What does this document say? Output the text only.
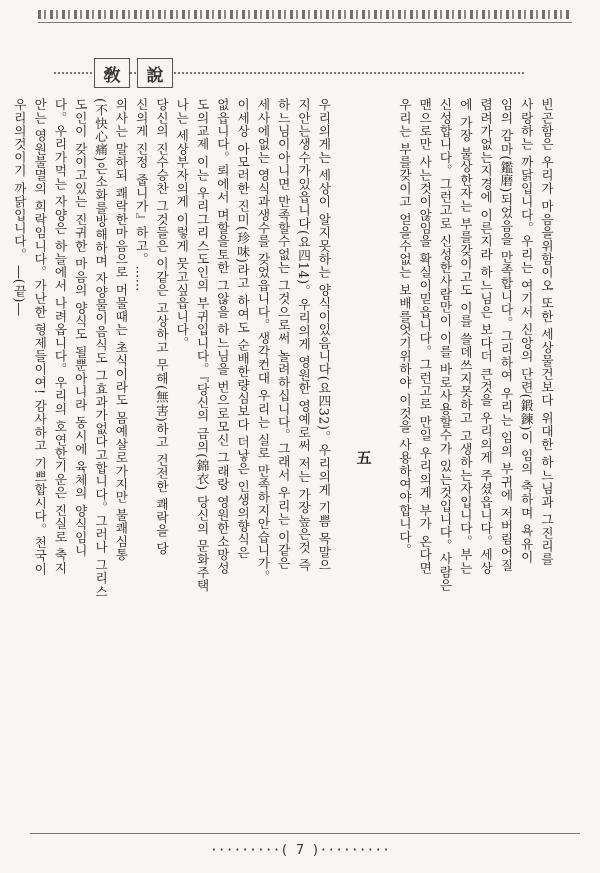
敎	說
빈곤함은 우리가 마음을위함이오 또한 세상물건보다 위대한 하느님과 그진리를
사랑하는 까닭입니다。우리는 여기서 신앙의 단련(鍛鍊)이 임의 축하며 욕유이
임의 감마(鑑磨)되었음을 만족합니다。그리하여 우리는 임의 부귀에 저버림어질
렴려가없는지경에 이른지라 하느님은 보다더 큰것을 우리의게 주셨읍니다。세상
에 가장 불상한자는 부를갖이고도 이를 쓸데쓰지못하고 고생하는자입니다。부는
신성합니다。그런고로 신성한사람만이 이를 바로사용할수가 있는것입니다。사람은
맨으로만 사는것이않임을 확실이믿읍니다。그런고로 만일 우리의게 부가 온다면
우리는 부를갖이고 얻을수없는 보배를엇기위하야 이것을 사용하여야합니다。
五
우리의게는 세상이 알지못하는 양식이있음니다(요四32)。우리의게 기쁨 목말으
지안는생수가있읍니다(요四14)。우리의게 영원한 영예로써 저는 가장높은것 즉
하느님이아니면 만족할수없는 그것으로써 놀려하십니다。그래서 우리는 이같은
세사에없는 영식과생수를 갖었읍니다。생각컨대 우리는 실로 만족하지안습니가。
이세상 아모러한 진미(珍味)라고 하여도 순배한량심보다 더낳은 인생의향식은
없읍니다。뢰에서 며할을토한 그않을 하느님을 번으로모신 그래랑 영원한소망성
도의교제 이는 우리그리스도인의 부귀입니다。『당신의 금의(錦衣) 당신의 문화주택
나는 세상부자의게 이렇게 뭇고싶읍니다。
당신의 진수승찬 그것들은 이같은 고상하고 무해(無害)하고 건전한 쾌락을 당
신의게 진정 줍니가』하고。……
의사는 말하되 쾌락한마음으로 머물때는 초식이라도 몸예살로가지만 불쾌심통
(不快心痛)은소화를방해하며 자양물이음식도 그효과가없다고합니다。그러나 그리스
도인이 갖이고있는 진귀한 마음의 양식도 될뿐아니라 동시에 육체의 양식임니
다。우리가먹는 자양은 하늘에서 나려옵니다。우리의 호연한기운은 진실로 축지
안는 영원불멸의 희락임니다。가난한 형제들이여! 감사하고 기쁘합시다。천국이
우리의것이기 까닭입니다。 ―(끝)―
·········( 7 )·········
